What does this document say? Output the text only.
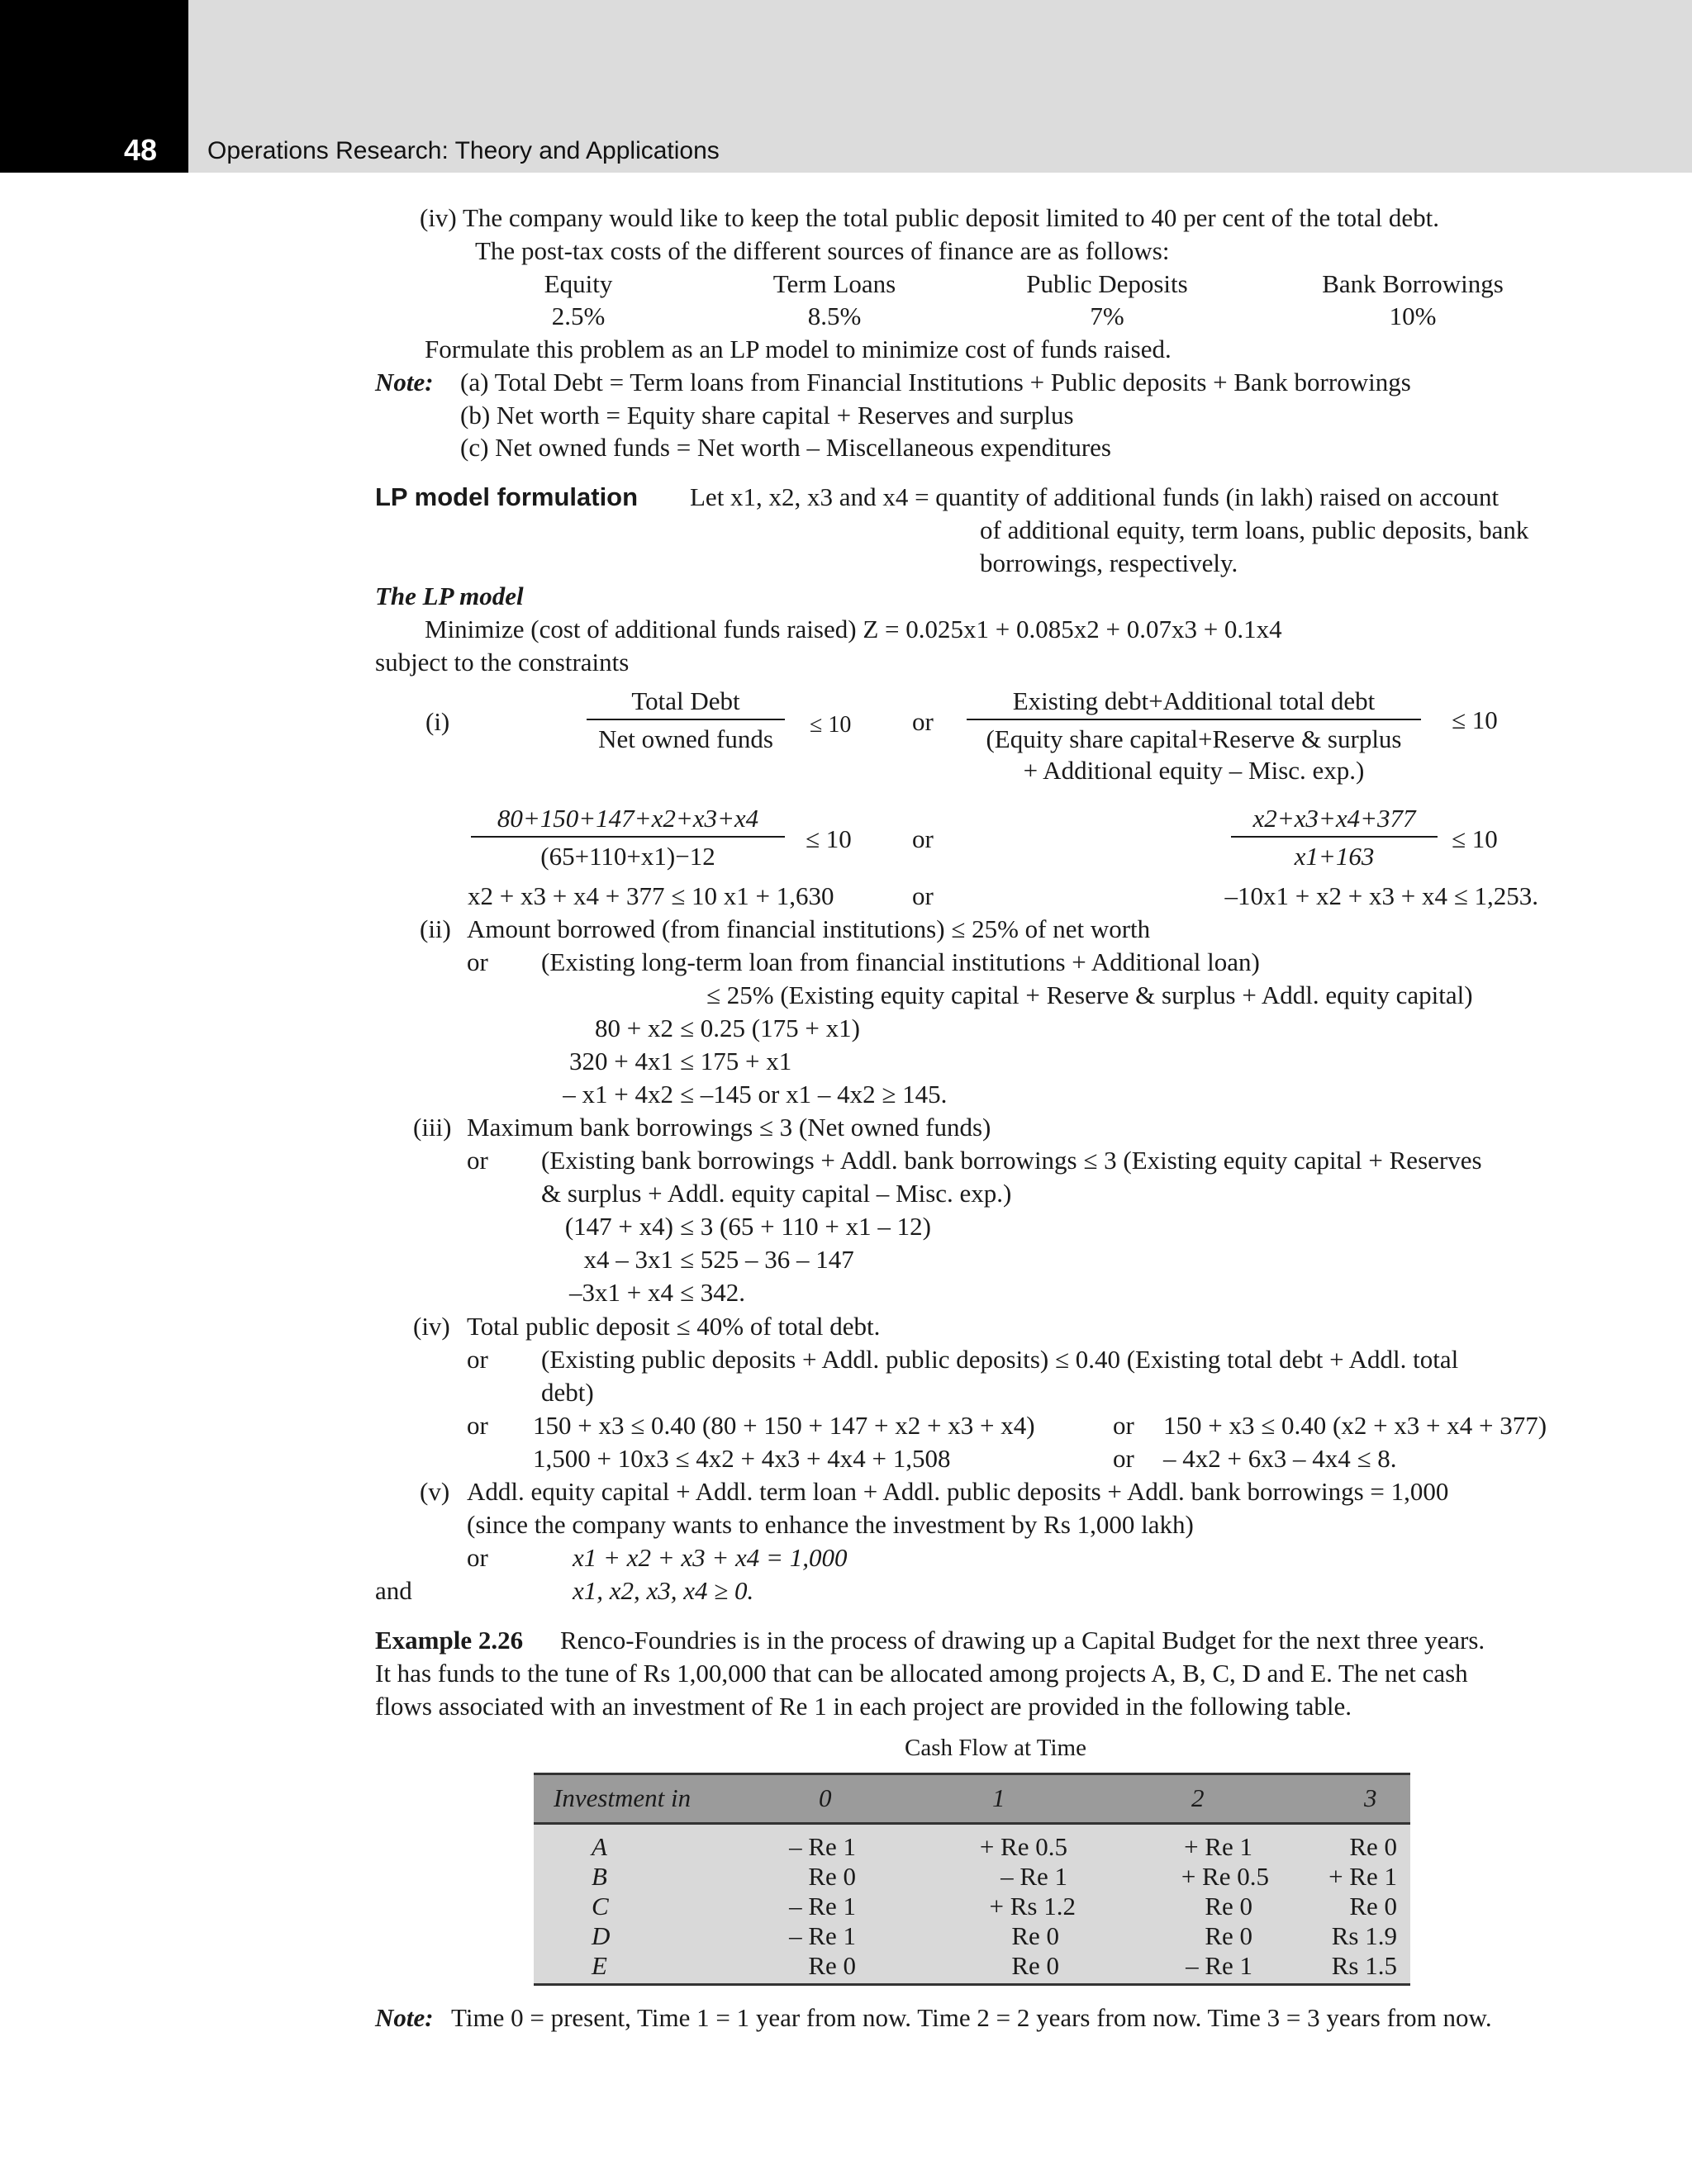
48 Operations Research: Theory and Applications
(iv) The company would like to keep the total public deposit limited to 40 per cent of the total debt.
The post-tax costs of the different sources of finance are as follows:
Equity	Term Loans	Public Deposits	Bank Borrowings
2.5%	8.5%	7%	10%
Formulate this problem as an LP model to minimize cost of funds raised.
Note: (a) Total Debt = Term loans from Financial Institutions + Public deposits + Bank borrowings
(b) Net worth = Equity share capital + Reserves and surplus
(c) Net owned funds = Net worth – Miscellaneous expenditures
LP model formulation Let x1, x2, x3 and x4 = quantity of additional funds (in lakh) raised on account
of additional equity, term loans, public deposits, bank
borrowings, respectively.
The LP model
Minimize (cost of additional funds raised) Z = 0.025x1 + 0.085x2 + 0.07x3 + 0.1x4
subject to the constraints
(i)
Total Debt
Net owned funds	≤ 10 or
Existing debt+Additional total debt
(Equity share capital+Reserve & surplus
+ Additional equity – Misc. exp.)
≤ 10
$\frac{80+150+147+x2+x3+x4}{(65+110+x1)-12} \le 10$ or	$\frac{x2+x3+x4+377}{x1+163} \le 10$
x2 + x3 + x4 + 377 ≤ 10 x1 + 1,630	or	–10x1 + x2 + x3 + x4 ≤ 1,253.
(ii) Amount borrowed (from financial institutions) ≤ 25% of net worth
or (Existing long-term loan from financial institutions + Additional loan)
≤ 25% (Existing equity capital + Reserve & surplus + Addl. equity capital)
80 + x2 ≤ 0.25 (175 + x1)
320 + 4x1 ≤ 175 + x1
– x1 + 4x2 ≤ –145 or x1 – 4x2 ≥ 145.
(iii) Maximum bank borrowings ≤ 3 (Net owned funds)
or (Existing bank borrowings + Addl. bank borrowings ≤ 3 (Existing equity capital + Reserves
& surplus + Addl. equity capital – Misc. exp.)
(147 + x4) ≤ 3 (65 + 110 + x1 – 12)
x4 – 3x1 ≤ 525 – 36 – 147
–3x1 + x4 ≤ 342.
(iv) Total public deposit ≤ 40% of total debt.
or (Existing public deposits + Addl. public deposits) ≤ 0.40 (Existing total debt + Addl. total
debt)
or 150 + x3 ≤ 0.40 (80 + 150 + 147 + x2 + x3 + x4)	or 150 + x3 ≤ 0.40 (x2 + x3 + x4 + 377)
1,500 + 10x3 ≤ 4x2 + 4x3 + 4x4 + 1,508	or – 4x2 + 6x3 – 4x4 ≤ 8.
(v) Addl. equity capital + Addl. term loan + Addl. public deposits + Addl. bank borrowings = 1,000
(since the company wants to enhance the investment by Rs 1,000 lakh)
or	x1 + x2 + x3 + x4 = 1,000
and	x1, x2, x3, x4 ≥ 0.
Example 2.26 Renco-Foundries is in the process of drawing up a Capital Budget for the next three years.
It has funds to the tune of Rs 1,00,000 that can be allocated among projects A, B, C, D and E. The net cash
flows associated with an investment of Re 1 in each project are provided in the following table.
Cash Flow at Time
Investment in	0	1	2	3
A	– Re 1	+ Re 0.5	+ Re 1	Re 0
B	Re 0	– Re 1	+ Re 0.5	+ Re 1
C	– Re 1	+ Rs 1.2	Re 0	Re 0
D	– Re 1	Re 0	Re 0	Rs 1.9
E	Re 0	Re 0	– Re 1	Rs 1.5
Note: Time 0 = present, Time 1 = 1 year from now. Time 2 = 2 years from now. Time 3 = 3 years from now.
